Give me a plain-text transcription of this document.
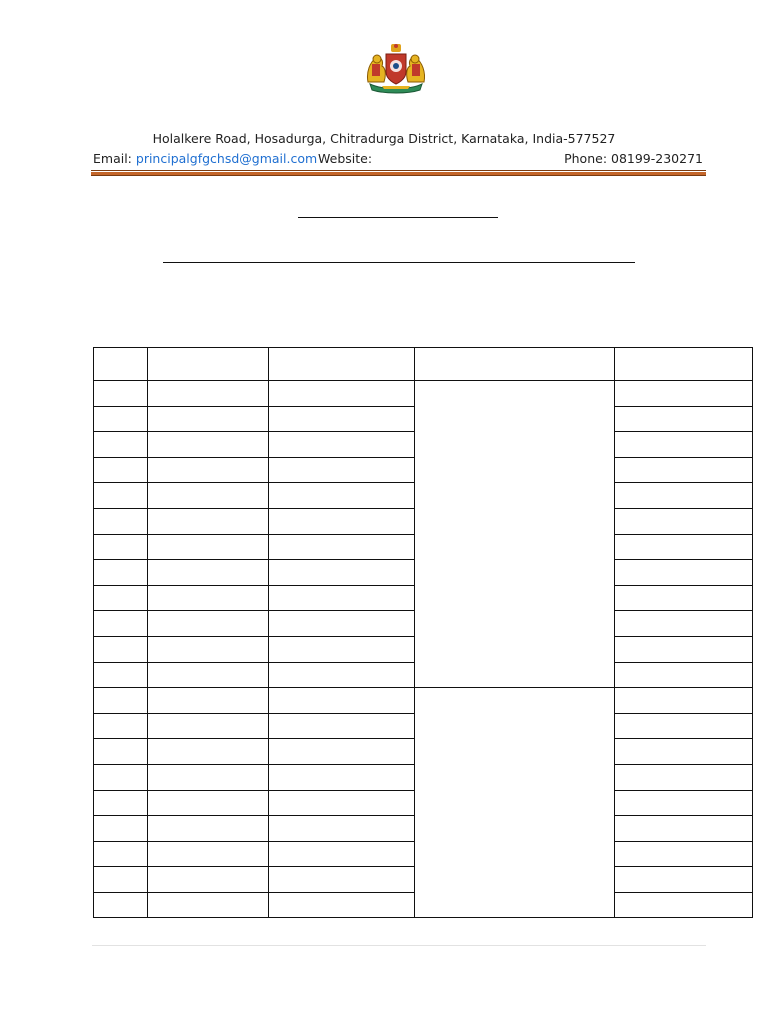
Holalkere Road, Hosadurga, Chitradurga District, Karnataka, India-577527
Email: principalgfgchsd@gmail.com Website:	Phone: 08199-230271
